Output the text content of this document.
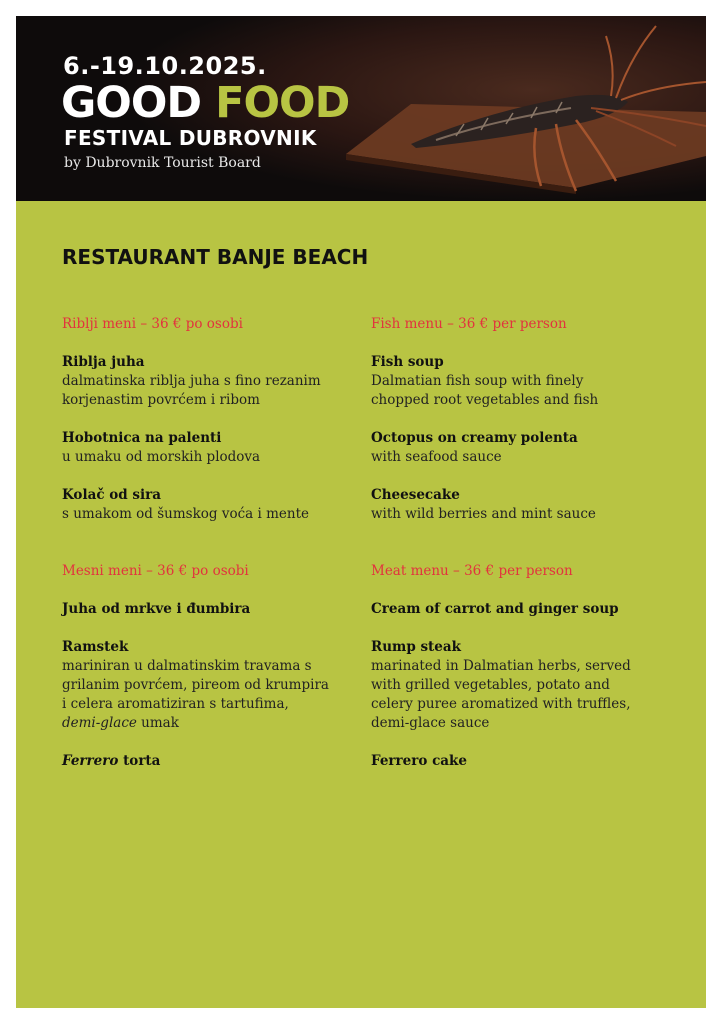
6.-19.10.2025.
GOOD FOOD
FESTIVAL DUBROVNIK
by Dubrovnik Tourist Board
RESTAURANT BANJE BEACH

Riblji meni – 36 € po osobi

Riblja juha
dalmatinska riblja juha s fino rezanim
korjenastim povrćem i ribom
Hobotnica na palenti
u umaku od morskih plodova
Kolač od sira
s umakom od šumskog voća i mente

Mesni meni – 36 € po osobi

Juha od mrkve i đumbira
Ramstek
mariniran u dalmatinskim travama s
grilanim povrćem, pireom od krumpira
i celera aromatiziran s tartufima,
demi-glace umak
Ferrero torta

Fish menu – 36 € per person

Fish soup
Dalmatian fish soup with finely
chopped root vegetables and fish
Octopus on creamy polenta
with seafood sauce
Cheesecake
with wild berries and mint sauce

Meat menu – 36 € per person

Cream of carrot and ginger soup
Rump steak
marinated in Dalmatian herbs, served
with grilled vegetables, potato and
celery puree aromatized with truffles,
demi-glace sauce
Ferrero cake
